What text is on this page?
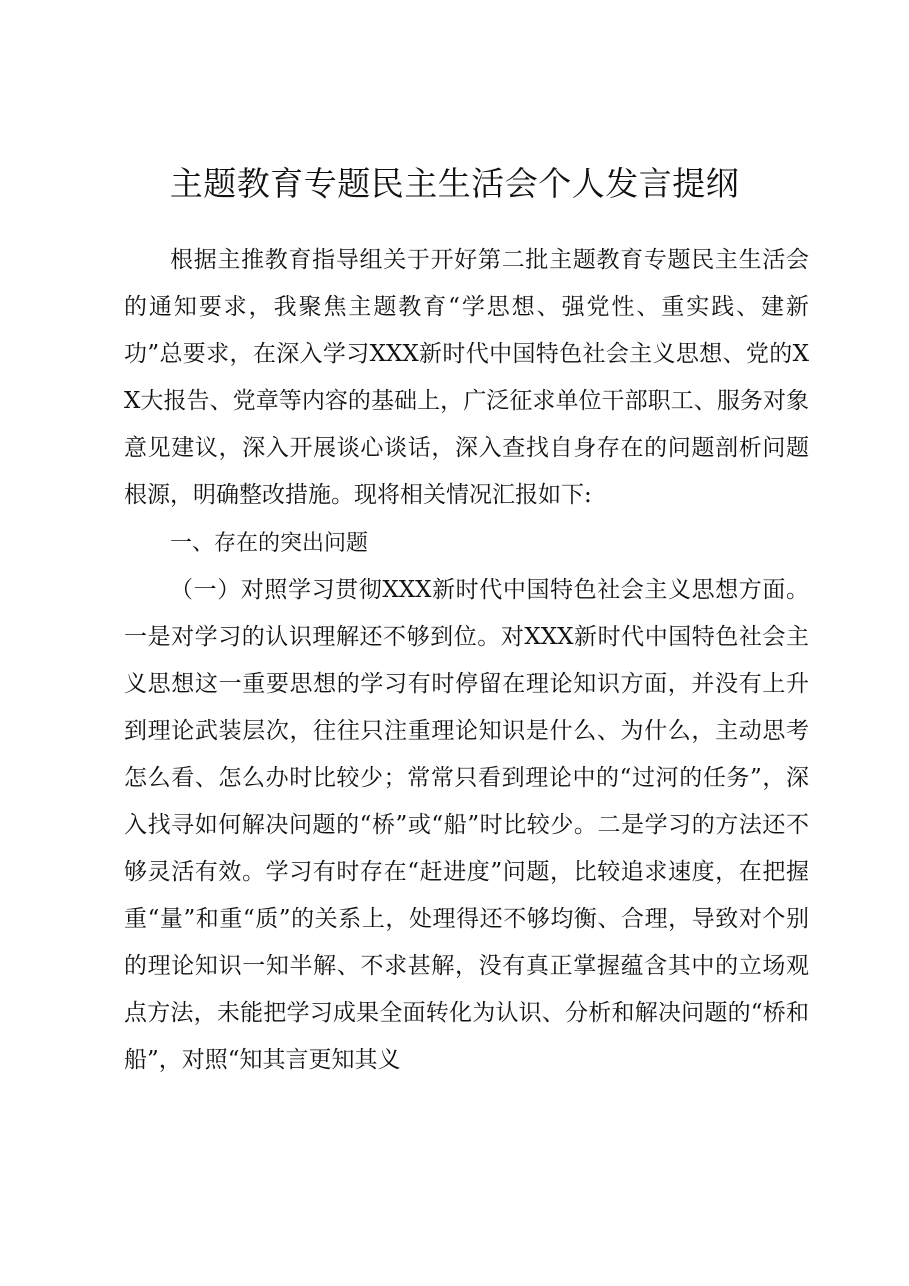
主题教育专题民主生活会个人发言提纲

根据主推教育指导组关于开好第二批主题教育专题民主生活会的通知要求，我聚焦主题教育“学思想、强党性、重实践、建新功”总要求，在深入学习XXX新时代中国特色社会主义思想、党的XX大报告、党章等内容的基础上，广泛征求单位干部职工、服务对象意见建议，深入开展谈心谈话，深入查找自身存在的问题剖析问题根源，明确整改措施。现将相关情况汇报如下:

一、存在的突出问题

（一）对照学习贯彻XXX新时代中国特色社会主义思想方面。一是对学习的认识理解还不够到位。对XXX新时代中国特色社会主义思想这一重要思想的学习有时停留在理论知识方面，并没有上升到理论武装层次，往往只注重理论知识是什么、为什么，主动思考怎么看、怎么办时比较少；常常只看到理论中的“过河的任务”，深入找寻如何解决问题的“桥”或“船”时比较少。二是学习的方法还不够灵活有效。学习有时存在“赶进度”问题，比较追求速度，在把握重“量”和重“质”的关系上，处理得还不够均衡、合理，导致对个别的理论知识一知半解、不求甚解，没有真正掌握蕴含其中的立场观点方法，未能把学习成果全面转化为认识、分析和解决问题的“桥和船”，对照“知其言更知其义
